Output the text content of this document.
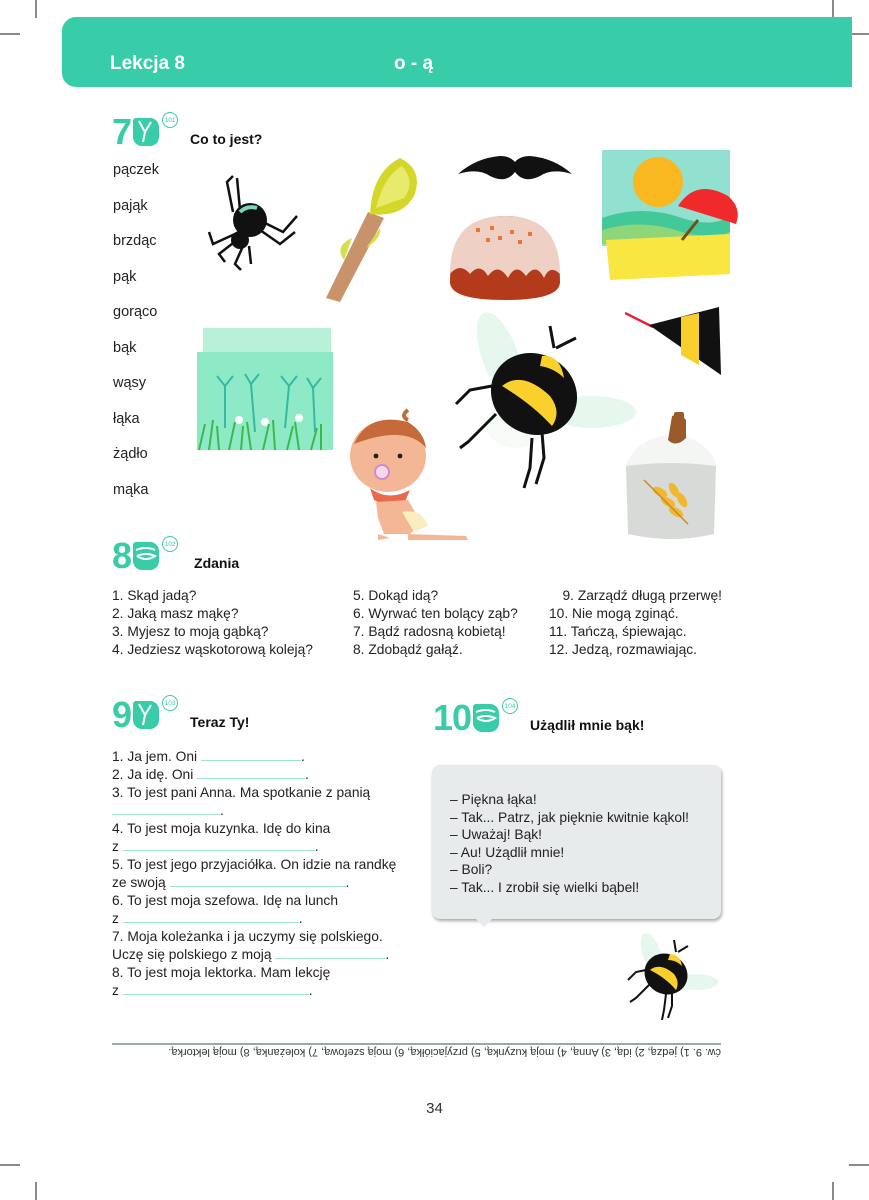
Lekcja 8	o - ą
7	101
Co to jest?
pączek
pająk
brzdąc
pąk
gorąco
bąk
wąsy
łąka
żądło
mąka
8	102
Zdania
1. Skąd jadą?
2. Jaką masz mąkę?
3. Myjesz to moją gąbką?
4. Jedziesz wąskotorową koleją?
5. Dokąd idą?
6. Wyrwać ten bolący ząb?
7. Bądź radosną kobietą!
8. Zdobądź gałąź.
9. Zarządź długą przerwę!
10. Nie mogą zginąć.
11. Tańczą, śpiewając.
12. Jedzą, rozmawiając.
9	103
Teraz Ty!
1. Ja jem. Oni	.
2. Ja idę. Oni	.
3. To jest pani Anna. Ma spotkanie z panią
.
4. To jest moja kuzynka. Idę do kina
z	.
5. To jest jego przyjaciółka. On idzie na randkę
ze swoją	.
6. To jest moja szefowa. Idę na lunch
z	.
7. Moja koleżanka i ja uczymy się polskiego.
Uczę się polskiego z moją	.
8. To jest moja lektorka. Mam lekcję
z	.
10	104
Użądlił mnie bąk!
– Piękna łąka!
– Tak... Patrz, jak pięknie kwitnie kąkol!
– Uważaj! Bąk!
– Au! Użądlił mnie!
– Boli?
– Tak... I zrobił się wielki bąbel!
ćw. 9. 1) jedzą, 2) idą, 3) Anną, 4) moją kuzynką, 5) przyjaciółką, 6) moją szefową, 7) koleżanką, 8) moją lektorką.
34
